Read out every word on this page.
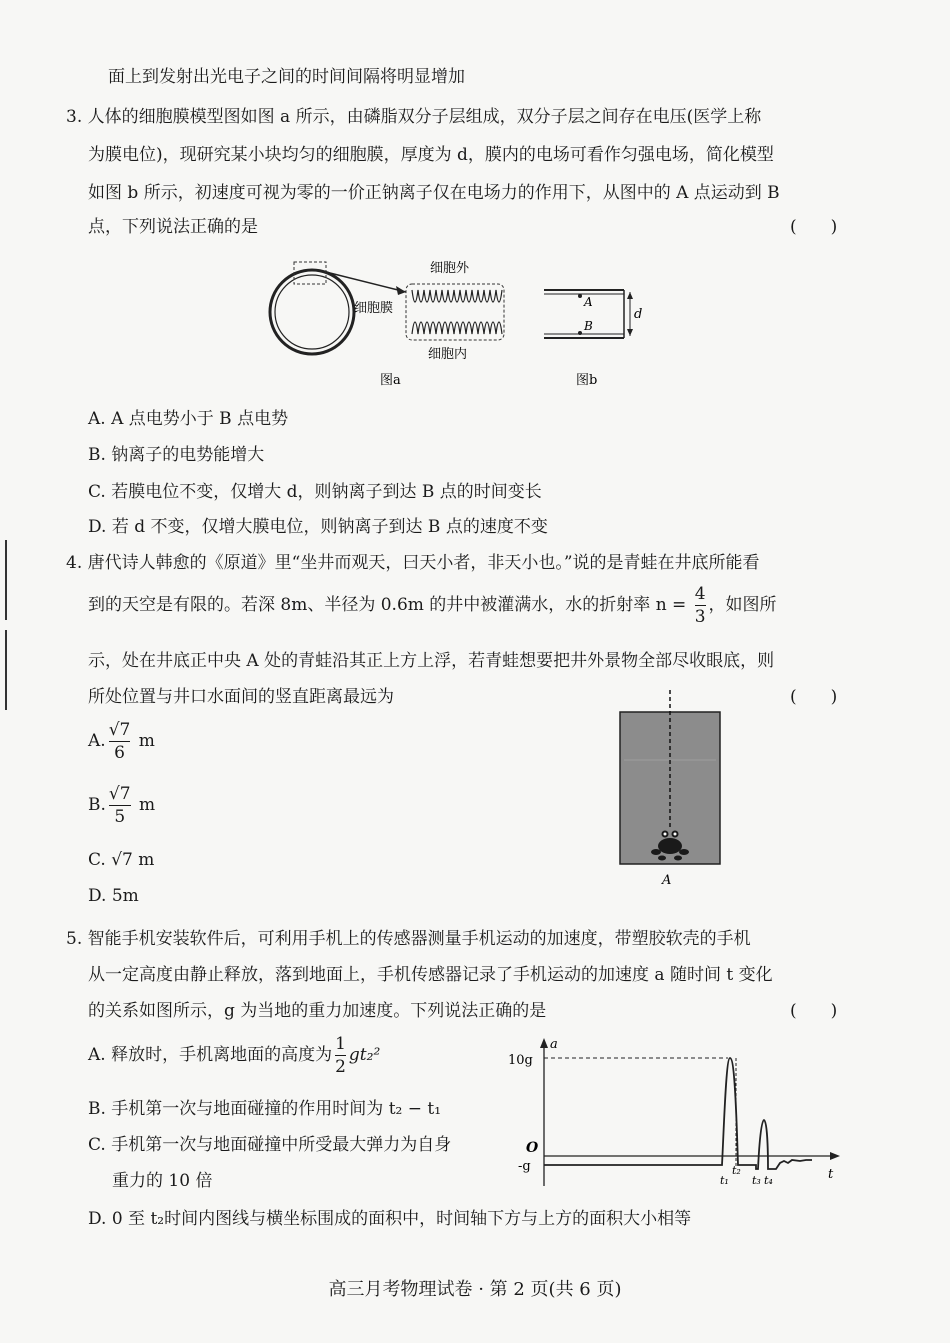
面上到发射出光电子之间的时间间隔将明显增加
3. 人体的细胞膜模型图如图 a 所示，由磷脂双分子层组成，双分子层之间存在电压(医学上称
为膜电位)，现研究某小块均匀的细胞膜，厚度为 d，膜内的电场可看作匀强电场，简化模型
如图 b 所示，初速度可视为零的一价正钠离子仅在电场力的作用下，从图中的 A 点运动到 B
点，下列说法正确的是	(　　)
细胞外
细胞膜
细胞内
图a
A
B
d
图b
A. A 点电势小于 B 点电势
B. 钠离子的电势能增大
C. 若膜电位不变，仅增大 d，则钠离子到达 B 点的时间变长
D. 若 d 不变，仅增大膜电位，则钠离子到达 B 点的速度不变
4. 唐代诗人韩愈的《原道》里“坐井而观天，曰天小者，非天小也。”说的是青蛙在井底所能看
到的天空是有限的。若深 8m、半径为 0.6m 的井中被灌满水，水的折射率 $n = \frac{4}{3}$ ，如图所
示，处在井底正中央 A 处的青蛙沿其正上方上浮，若青蛙想要把井外景物全部尽收眼底，则
所处位置与井口水面间的竖直距离最远为	(　　)
A. $\frac{√7}{6}$ m
B. $\frac{√7}{5}$ m
C. √7 m
D. 5m
A
5. 智能手机安装软件后，可利用手机上的传感器测量手机运动的加速度，带塑胶软壳的手机
从一定高度由静止释放，落到地面上，手机传感器记录了手机运动的加速度 a 随时间 t 变化
的关系如图所示，g 为当地的重力加速度。下列说法正确的是	(　　)
A. 释放时，手机离地面的高度为 $\frac{1}{2} gt_2^2$
B. 手机第一次与地面碰撞的作用时间为 t₂ − t₁
C. 手机第一次与地面碰撞中所受最大弹力为自身
重力的 10 倍
D. 0 至 t₂时间内图线与横坐标围成的面积中，时间轴下方与上方的面积大小相等
10g
a
O
-g
t
t₁
t₂
t₃ t₄
高三月考物理试卷 · 第 2 页(共 6 页)
